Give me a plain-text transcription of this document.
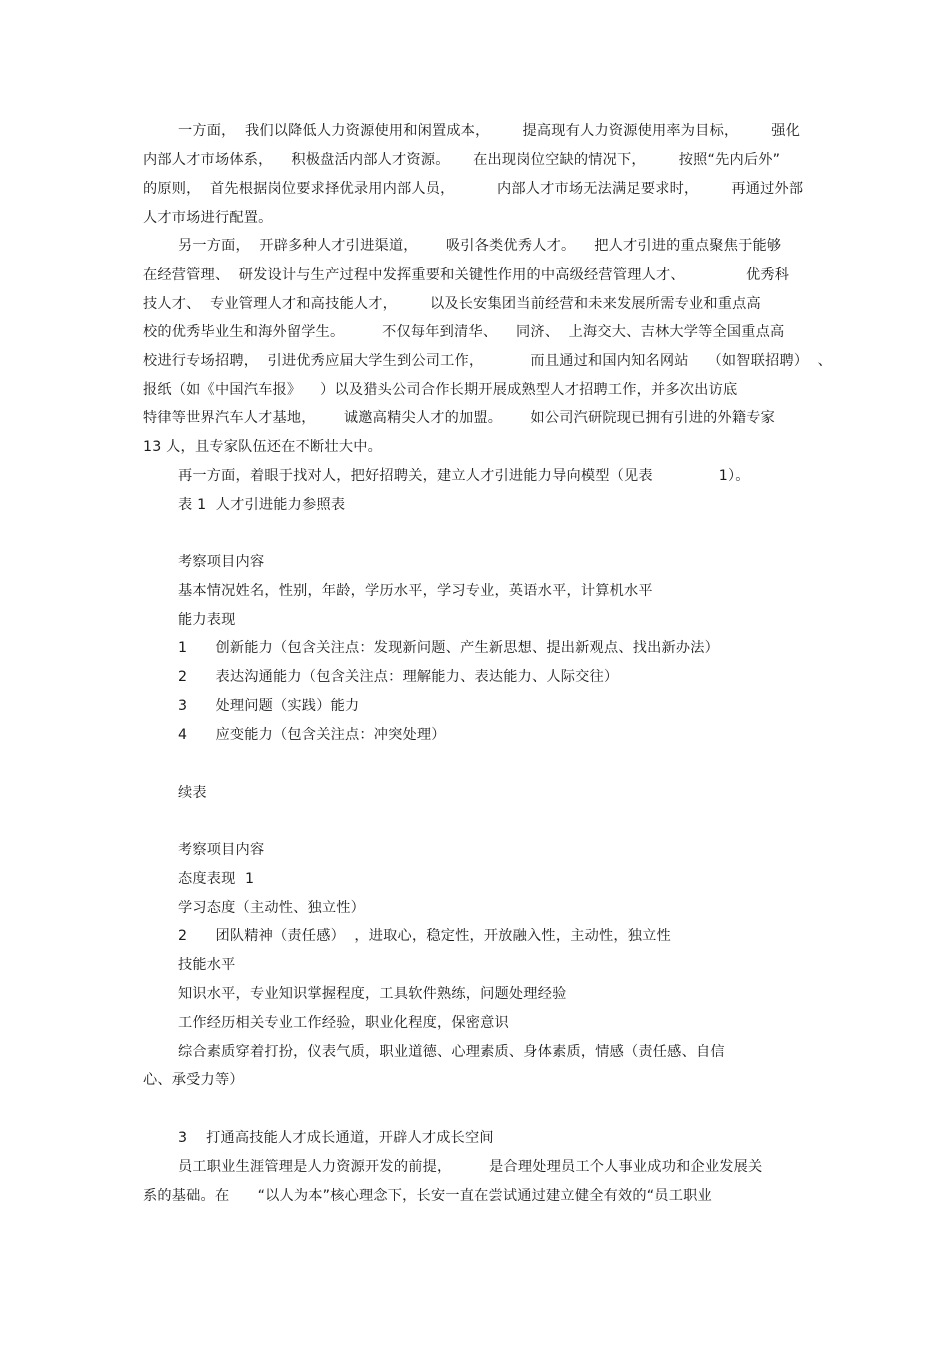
一方面，  我们以降低人力资源使用和闲置成本，       提高现有人力资源使用率为目标，       强化
内部人才市场体系，    积极盘活内部人才资源。     在出现岗位空缺的情况下，       按照“先内后外”
的原则，  首先根据岗位要求择优录用内部人员，         内部人才市场无法满足要求时，       再通过外部
人才市场进行配置。
另一方面，  开辟多种人才引进渠道，      吸引各类优秀人才。    把人才引进的重点聚焦于能够
在经营管理、  研发设计与生产过程中发挥重要和关键性作用的中高级经营管理人才、             优秀科
技人才、  专业管理人才和高技能人才，       以及长安集团当前经营和未来发展所需专业和重点高
校的优秀毕业生和海外留学生。        不仅每年到清华、    同济、  上海交大、吉林大学等全国重点高
校进行专场招聘，  引进优秀应届大学生到公司工作，          而且通过和国内知名网站    （如智联招聘）  、
报纸（如《中国汽车报》    ）以及猎头公司合作长期开展成熟型人才招聘工作，并多次出访底
特律等世界汽车人才基地，      诚邀高精尖人才的加盟。      如公司汽研院现已拥有引进的外籍专家
13 人，且专家队伍还在不断壮大中。
再一方面，着眼于找对人，把好招聘关，建立人才引进能力导向模型（见表              1）。
表 1  人才引进能力参照表
考察项目内容
基本情况姓名，性别，年龄，学历水平，学习专业，英语水平，计算机水平
能力表现
1      创新能力（包含关注点：发现新问题、产生新思想、提出新观点、找出新办法）
2      表达沟通能力（包含关注点：理解能力、表达能力、人际交往）
3      处理问题（实践）能力
4      应变能力（包含关注点：冲突处理）
续表
考察项目内容
态度表现  1
学习态度（主动性、独立性）
2      团队精神（责任感）  ，进取心，稳定性，开放融入性，主动性，独立性
技能水平
知识水平，专业知识掌握程度，工具软件熟练，问题处理经验
工作经历相关专业工作经验，职业化程度，保密意识
综合素质穿着打扮，仪表气质，职业道德、心理素质、身体素质，情感（责任感、自信
心、承受力等）
3    打通高技能人才成长通道，开辟人才成长空间
员工职业生涯管理是人力资源开发的前提，        是合理处理员工个人事业成功和企业发展关
系的基础。在      “以人为本”核心理念下，长安一直在尝试通过建立健全有效的“员工职业
